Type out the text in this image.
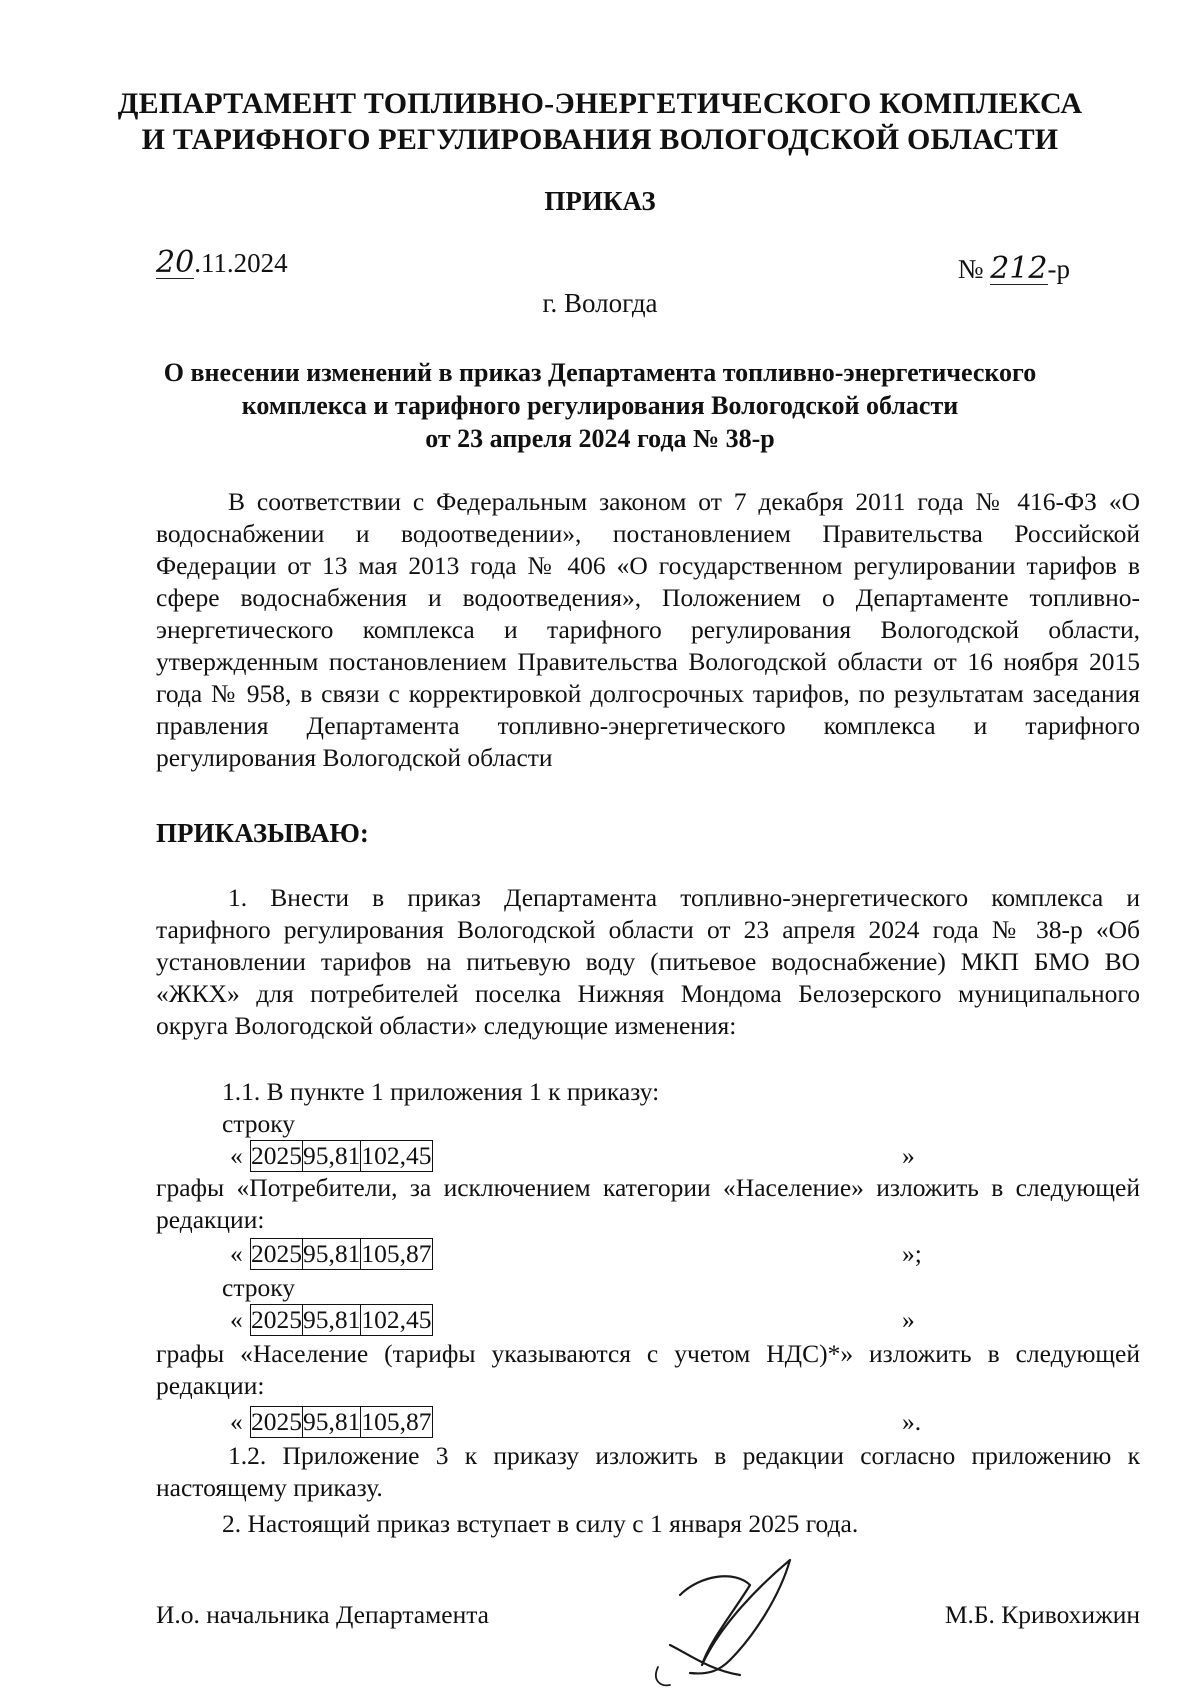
ДЕПАРТАМЕНТ ТОПЛИВНО-ЭНЕРГЕТИЧЕСКОГО КОМПЛЕКСА
И ТАРИФНОГО РЕГУЛИРОВАНИЯ ВОЛОГОДСКОЙ ОБЛАСТИ
ПРИКАЗ
20.11.2024	№ 212-р
г. Вологда
О внесении изменений в приказ Департамента топливно-энергетического
комплекса и тарифного регулирования Вологодской области
от 23 апреля 2024 года № 38-р

В соответствии с Федеральным законом от 7 декабря 2011 года № 416-ФЗ «О водоснабжении и водоотведении», постановлением Правительства Российской Федерации от 13 мая 2013 года № 406 «О государственном регулировании тарифов в сфере водоснабжения и водоотведения», Положением о Департаменте топливно-энергетического комплекса и тарифного регулирования Вологодской области, утвержденным постановлением Правительства Вологодской области от 16 ноября 2015 года № 958, в связи с корректировкой долгосрочных тарифов, по результатам заседания правления Департамента топливно-энергетического комплекса и тарифного регулирования Вологодской области

ПРИКАЗЫВАЮ:

1. Внести в приказ Департамента топливно-энергетического комплекса и тарифного регулирования Вологодской области от 23 апреля 2024 года № 38-р «Об установлении тарифов на питьевую воду (питьевое водоснабжение) МКП БМО ВО «ЖКХ» для потребителей поселка Нижняя Мондома Белозерского муниципального округа Вологодской области» следующие изменения:

1.1. В пункте 1 приложения 1 к приказу:
строку
« 2025	95,81	102,45	»

графы «Потребители, за исключением категории «Население» изложить в следующей редакции:

« 2025	95,81	105,87	»;
строку
« 2025	95,81	102,45	»

графы «Население (тарифы указываются с учетом НДС)*» изложить в следующей редакции:

« 2025	95,81	105,87	».

1.2. Приложение 3 к приказу изложить в редакции согласно приложению к настоящему приказу.

2. Настоящий приказ вступает в силу с 1 января 2025 года.
И.о. начальника Департамента	М.Б. Кривохижин
